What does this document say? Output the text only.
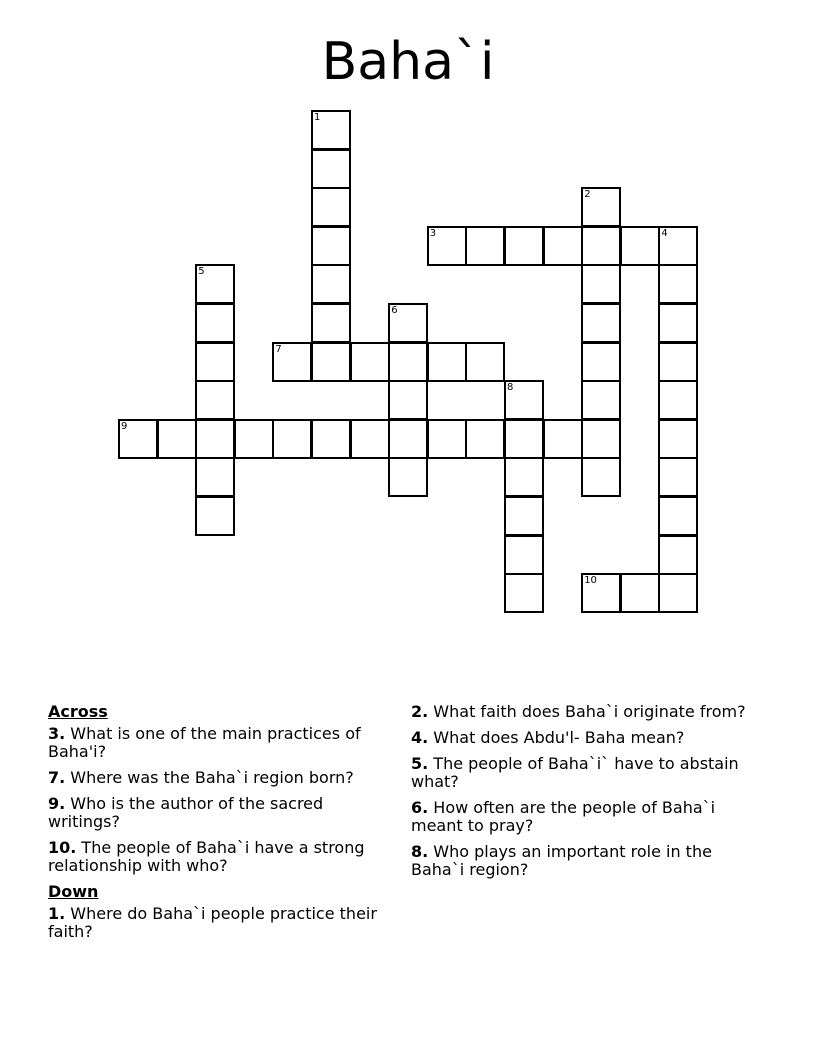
Baha`i
1
2
3	4
5
6
7
8
9
10
Across
3. What is one of the main practices of Baha'i?
7. Where was the Baha`i region born?
9. Who is the author of the sacred writings?
10. The people of Baha`i have a strong relationship with who?
Down
1. Where do Baha`i people practice their faith?
2. What faith does Baha`i originate from?
4. What does Abdu'l- Baha mean?
5. The people of Baha`i` have to abstain what?
6. How often are the people of Baha`i meant to pray?
8. Who plays an important role in the Baha`i region?
